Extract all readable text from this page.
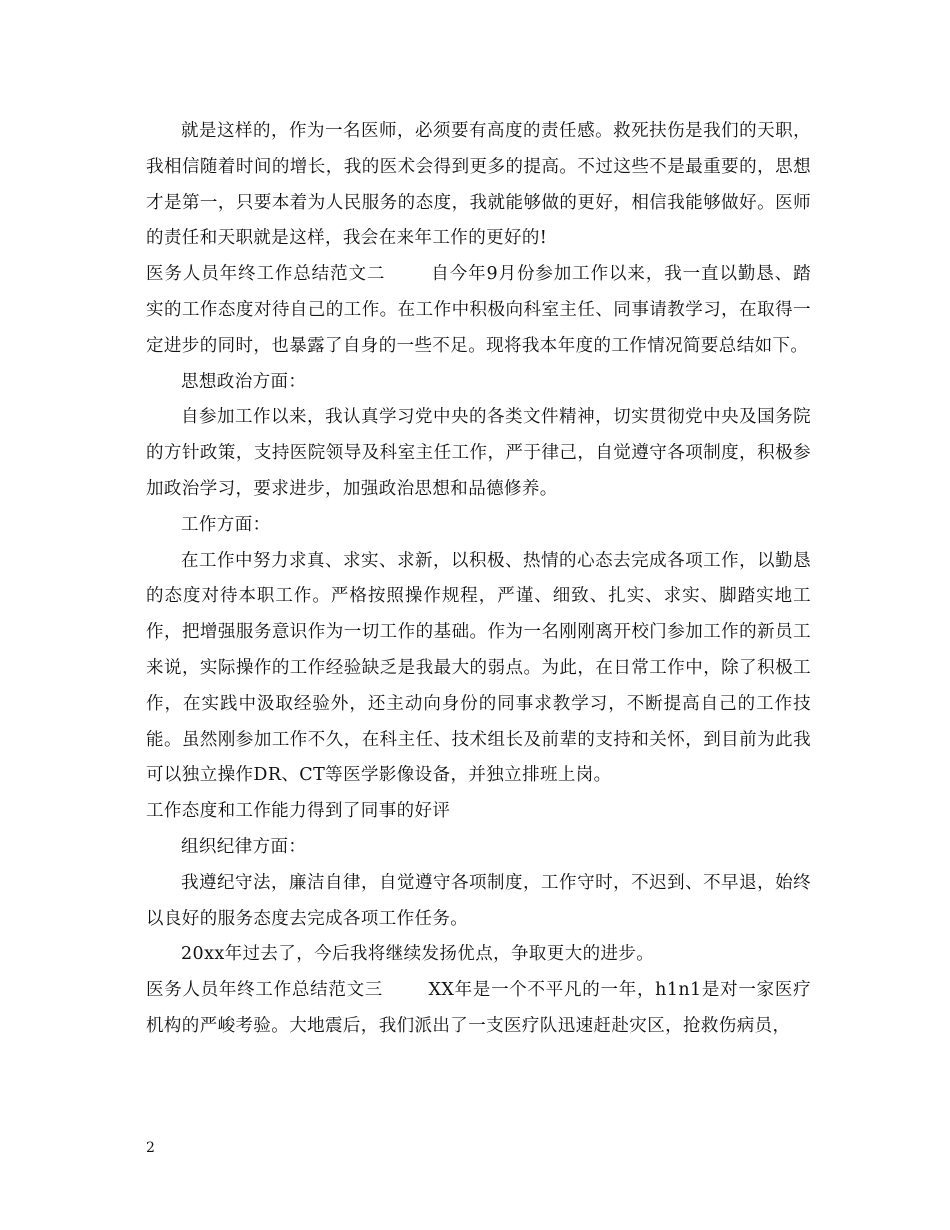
就是这样的，作为一名医师，必须要有高度的责任感。救死扶伤是我们的天职，我相信随着时间的增长，我的医术会得到更多的提高。不过这些不是最重要的，思想才是第一，只要本着为人民服务的态度，我就能够做的更好，相信我能够做好。医师的责任和天职就是这样，我会在来年工作的更好的!

医务人员年终工作总结范文二	自今年9月份参加工作以来，我一直以勤恳、踏实的工作态度对待自己的工作。在工作中积极向科室主任、同事请教学习，在取得一定进步的同时，也暴露了自身的一些不足。现将我本年度的工作情况简要总结如下。

思想政治方面：

自参加工作以来，我认真学习党中央的各类文件精神，切实贯彻党中央及国务院的方针政策，支持医院领导及科室主任工作，严于律己，自觉遵守各项制度，积极参加政治学习，要求进步，加强政治思想和品德修养。

工作方面：

在工作中努力求真、求实、求新，以积极、热情的心态去完成各项工作，以勤恳的态度对待本职工作。严格按照操作规程，严谨、细致、扎实、求实、脚踏实地工作，把增强服务意识作为一切工作的基础。作为一名刚刚离开校门参加工作的新员工来说，实际操作的工作经验缺乏是我最大的弱点。为此，在日常工作中，除了积极工作，在实践中汲取经验外，还主动向身份的同事求教学习，不断提高自己的工作技能。虽然刚参加工作不久，在科主任、技术组长及前辈的支持和关怀，到目前为此我可以独立操作DR、CT等医学影像设备，并独立排班上岗。

工作态度和工作能力得到了同事的好评

组织纪律方面：

我遵纪守法，廉洁自律，自觉遵守各项制度，工作守时，不迟到、不早退，始终以良好的服务态度去完成各项工作任务。

20xx年过去了，今后我将继续发扬优点，争取更大的进步。

医务人员年终工作总结范文三	XX年是一个不平凡的一年，h1n1是对一家医疗机构的严峻考验。大地震后，我们派出了一支医疗队迅速赶赴灾区，抢救伤病员，

2
